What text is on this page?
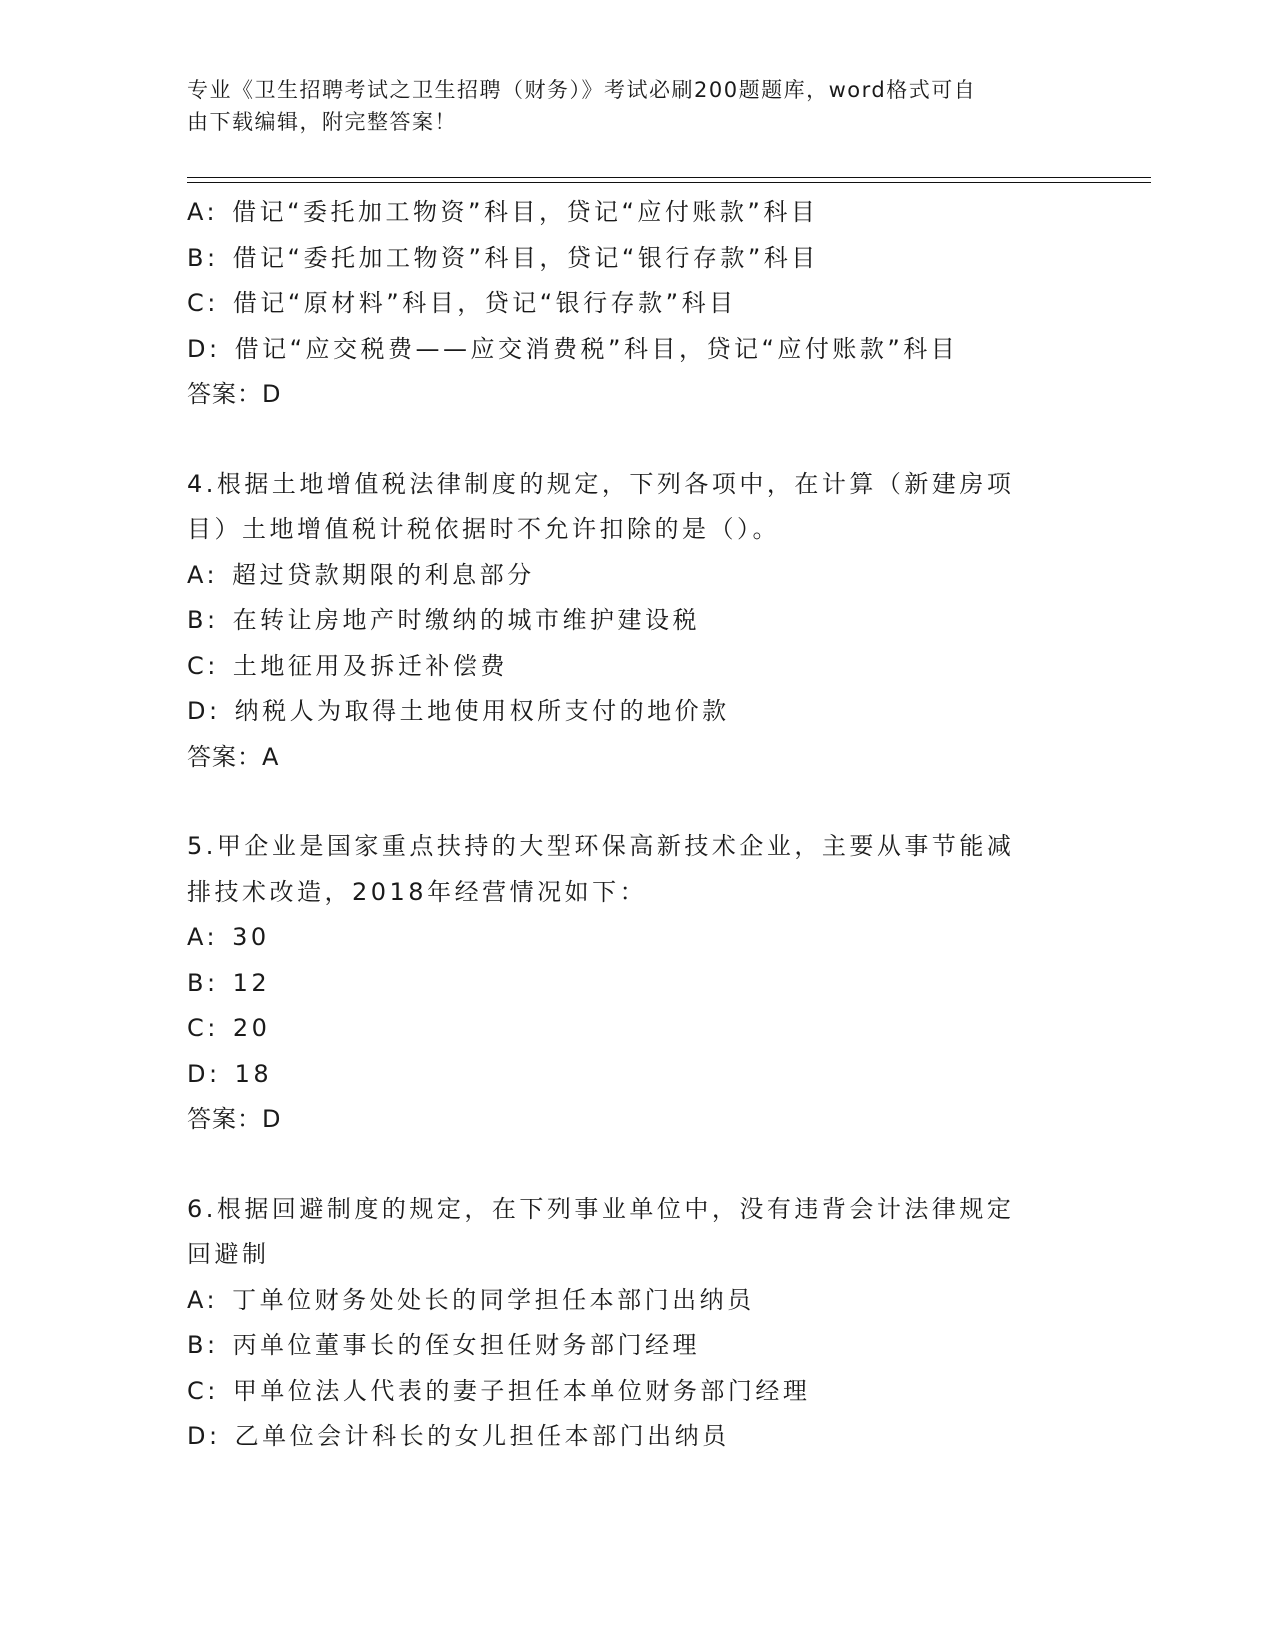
专业《卫生招聘考试之卫生招聘（财务）》考试必刷200题题库，word格式可自
由下载编辑，附完整答案！
A: 借记“委托加工物资”科目，贷记“应付账款”科目
B: 借记“委托加工物资”科目，贷记“银行存款”科目
C: 借记“原材料”科目，贷记“银行存款”科目
D: 借记“应交税费——应交消费税”科目，贷记“应付账款”科目
答案：D
4.根据土地增值税法律制度的规定，下列各项中，在计算（新建房项
目）土地增值税计税依据时不允许扣除的是（）。
A: 超过贷款期限的利息部分
B: 在转让房地产时缴纳的城市维护建设税
C: 土地征用及拆迁补偿费
D: 纳税人为取得土地使用权所支付的地价款
答案：A
5.甲企业是国家重点扶持的大型环保高新技术企业，主要从事节能减
排技术改造，2018年经营情况如下：
A: 30
B: 12
C: 20
D: 18
答案：D
6.根据回避制度的规定，在下列事业单位中，没有违背会计法律规定
回避制
A: 丁单位财务处处长的同学担任本部门出纳员
B: 丙单位董事长的侄女担任财务部门经理
C: 甲单位法人代表的妻子担任本单位财务部门经理
D: 乙单位会计科长的女儿担任本部门出纳员
